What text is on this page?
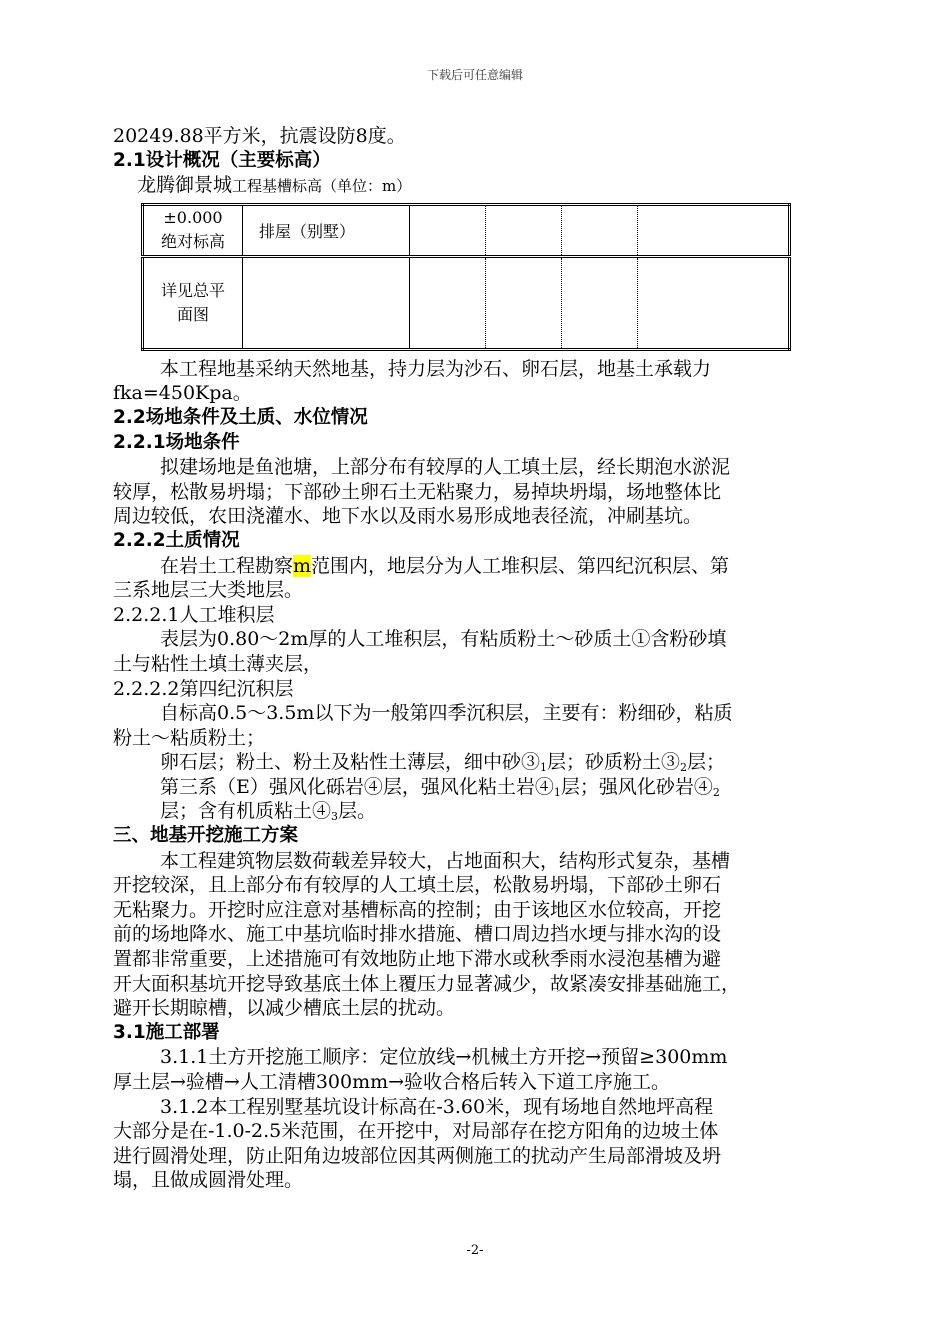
下载后可任意编辑
20249.88平方米，抗震设防8度。
2.1设计概况（主要标高）
龙腾御景城工程基槽标高（单位：m）
±0.000
绝对标高	排屋（别墅）				

详见总平
面图					

本工程地基采纳天然地基，持力层为沙石、卵石层，地基土承载力
fka=450Kpa。
2.2场地条件及土质、水位情况
2.2.1场地条件
拟建场地是鱼池塘，上部分布有较厚的人工填土层，经长期泡水淤泥
较厚，松散易坍塌；下部砂土卵石土无粘聚力，易掉块坍塌，场地整体比
周边较低，农田浇灌水、地下水以及雨水易形成地表径流，冲刷基坑。
2.2.2土质情况
在岩土工程勘察m范围内，地层分为人工堆积层、第四纪沉积层、第
三系地层三大类地层。
2.2.2.1人工堆积层
表层为0.80～2m厚的人工堆积层，有粘质粉土～砂质土①含粉砂填
土与粘性土填土薄夹层，
2.2.2.2第四纪沉积层
自标高0.5～3.5m以下为一般第四季沉积层，主要有：粉细砂，粘质
粉土～粘质粉土；
卵石层；粉土、粉土及粘性土薄层，细中砂$③_1$层；砂质粉土$③_2$层；
第三系（E）强风化砾岩④层，强风化粘土岩$④_1$层；强风化砂岩$④_2$
层；含有机质粘土$④_3$层。
三、地基开挖施工方案
本工程建筑物层数荷载差异较大，占地面积大，结构形式复杂，基槽
开挖较深，且上部分布有较厚的人工填土层，松散易坍塌，下部砂土卵石
无粘聚力。开挖时应注意对基槽标高的控制；由于该地区水位较高，开挖
前的场地降水、施工中基坑临时排水措施、槽口周边挡水埂与排水沟的设
置都非常重要，上述措施可有效地防止地下滞水或秋季雨水浸泡基槽为避
开大面积基坑开挖导致基底土体上覆压力显著减少，故紧凑安排基础施工，
避开长期晾槽，以减少槽底土层的扰动。
3.1施工部署
3.1.1土方开挖施工顺序：定位放线→机械土方开挖→预留≥300mm
厚土层→验槽→人工清槽300mm→验收合格后转入下道工序施工。
3.1.2本工程别墅基坑设计标高在-3.60米，现有场地自然地坪高程
大部分是在-1.0-2.5米范围，在开挖中，对局部存在挖方阳角的边坡土体
进行圆滑处理，防止阳角边坡部位因其两侧施工的扰动产生局部滑坡及坍
塌，且做成圆滑处理。
-2-
